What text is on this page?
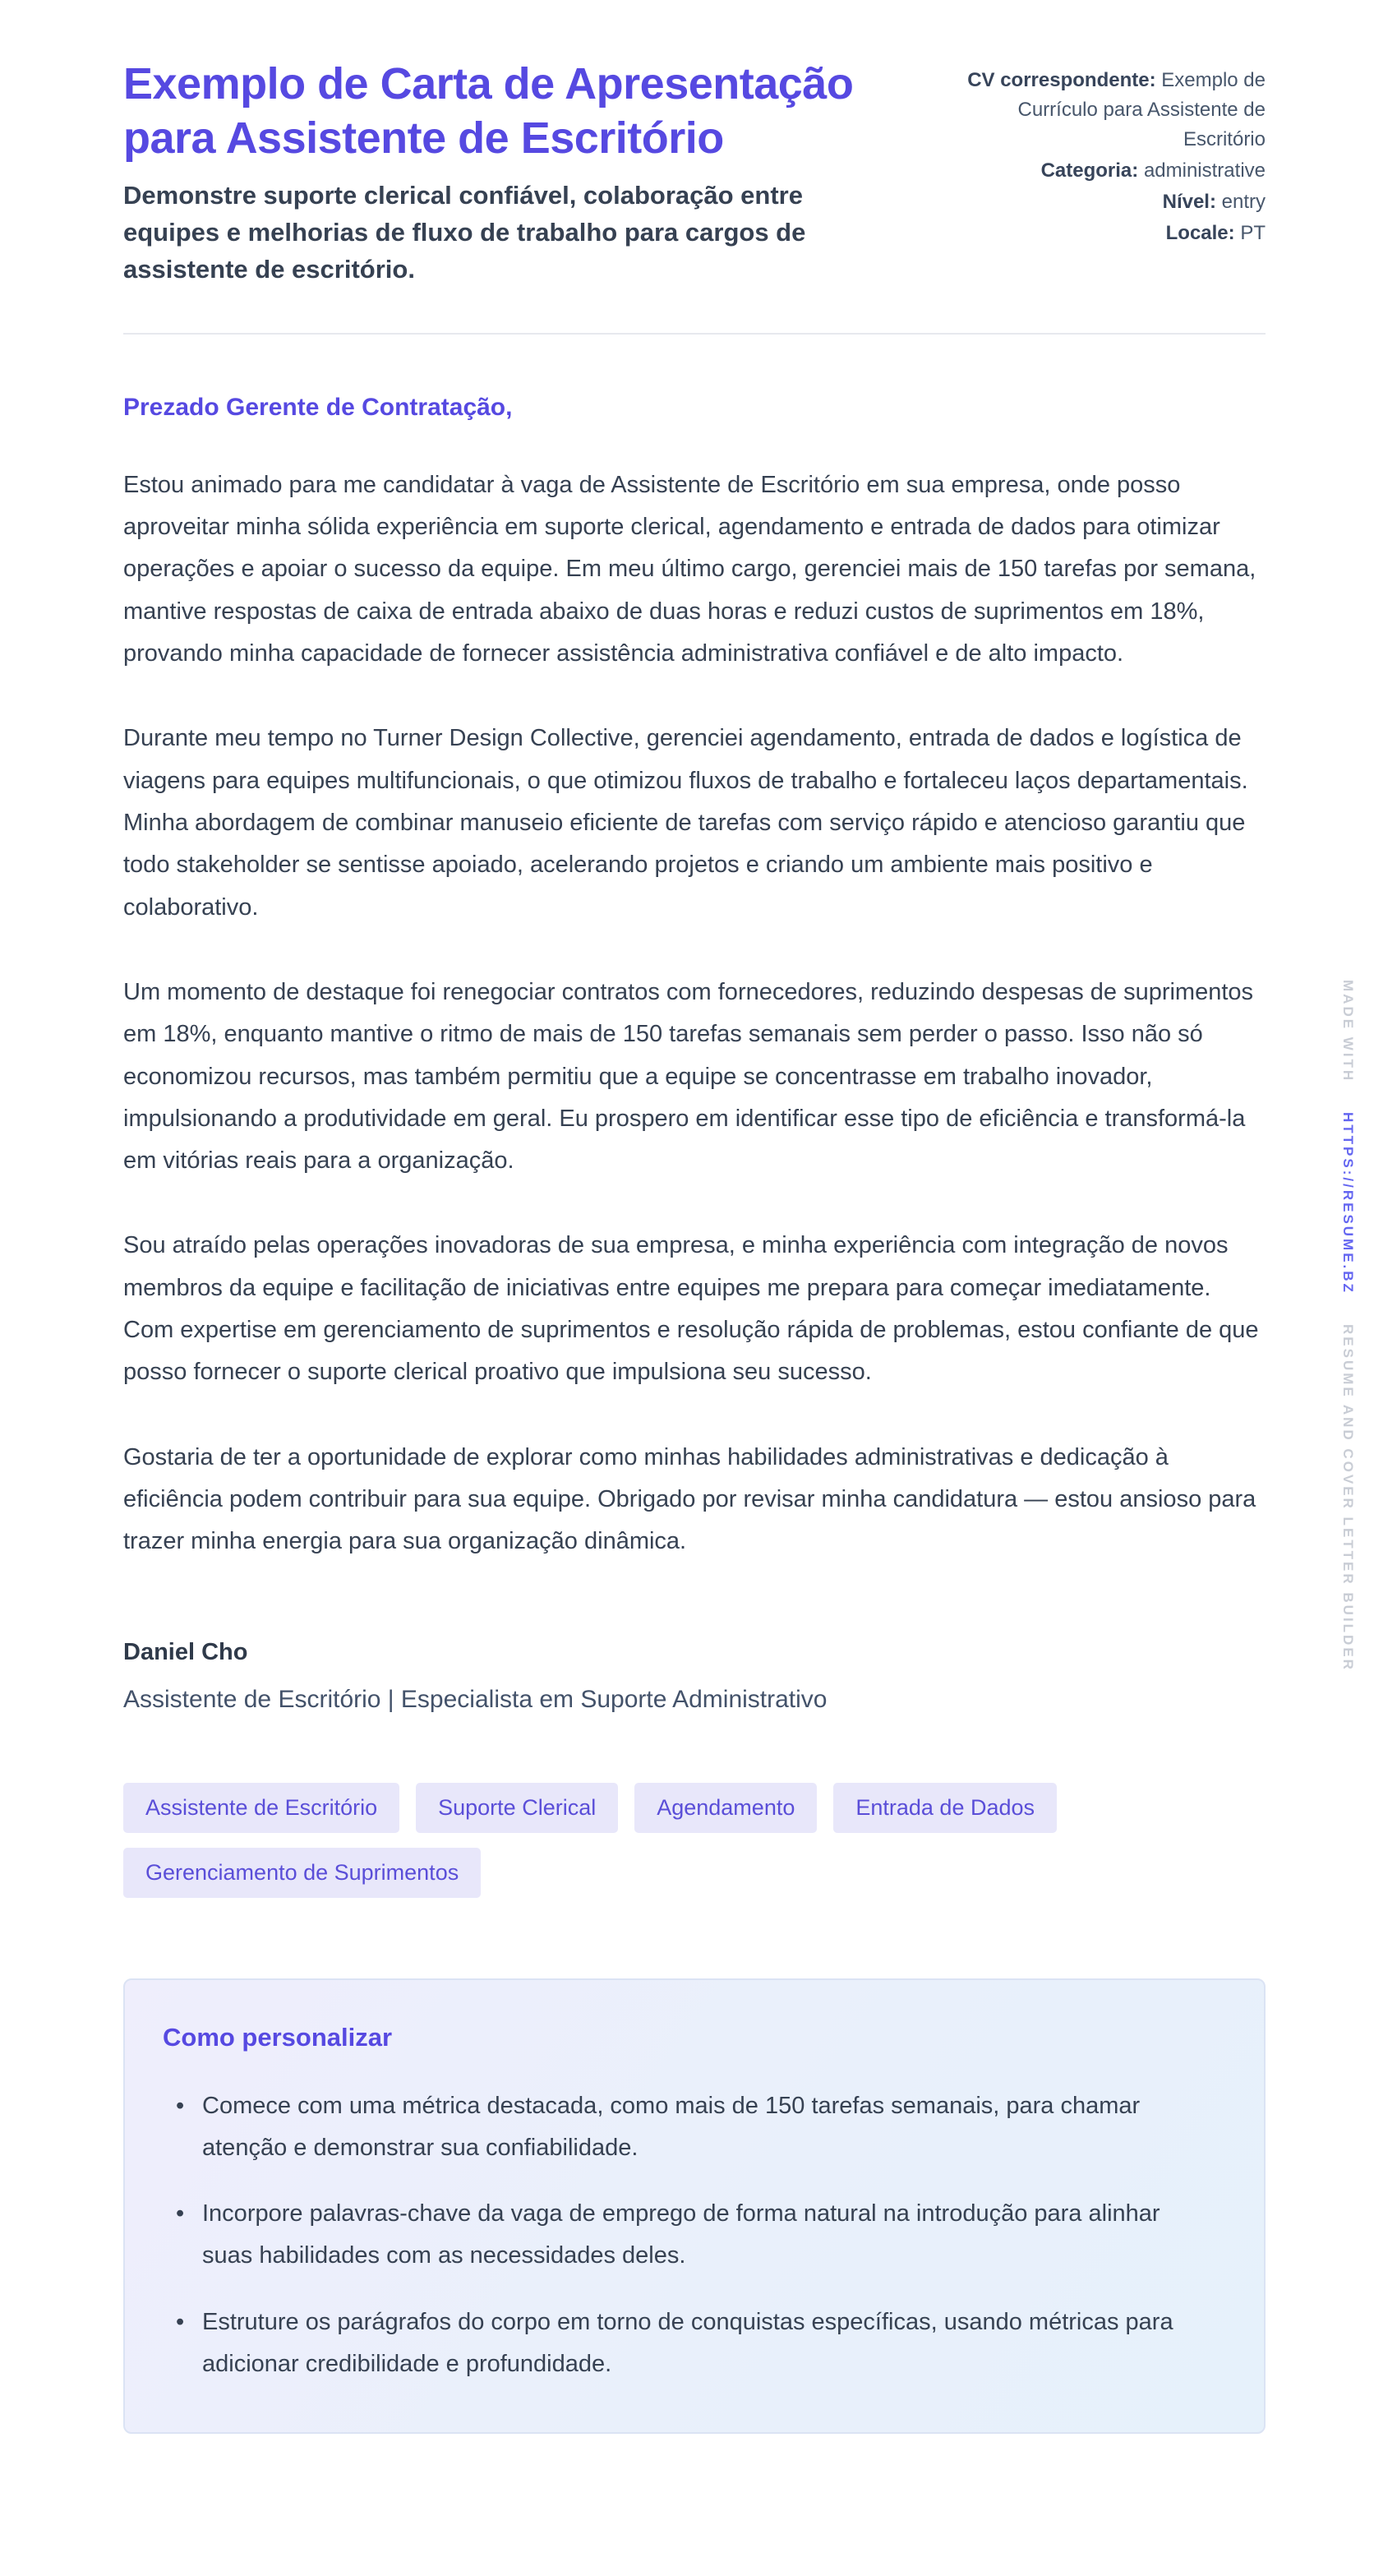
Exemplo de Carta de Apresentação para Assistente de Escritório

Demonstre suporte clerical confiável, colaboração entre equipes e melhorias de fluxo de trabalho para cargos de assistente de escritório.

CV correspondente: Exemplo de Currículo para Assistente de Escritório
Categoria: administrative
Nível: entry
Locale: PT
Prezado Gerente de Contratação,

Estou animado para me candidatar à vaga de Assistente de Escritório em sua empresa, onde posso aproveitar minha sólida experiência em suporte clerical, agendamento e entrada de dados para otimizar operações e apoiar o sucesso da equipe. Em meu último cargo, gerenciei mais de 150 tarefas por semana, mantive respostas de caixa de entrada abaixo de duas horas e reduzi custos de suprimentos em 18%, provando minha capacidade de fornecer assistência administrativa confiável e de alto impacto.

Durante meu tempo no Turner Design Collective, gerenciei agendamento, entrada de dados e logística de viagens para equipes multifuncionais, o que otimizou fluxos de trabalho e fortaleceu laços departamentais. Minha abordagem de combinar manuseio eficiente de tarefas com serviço rápido e atencioso garantiu que todo stakeholder se sentisse apoiado, acelerando projetos e criando um ambiente mais positivo e colaborativo.

Um momento de destaque foi renegociar contratos com fornecedores, reduzindo despesas de suprimentos em 18%, enquanto mantive o ritmo de mais de 150 tarefas semanais sem perder o passo. Isso não só economizou recursos, mas também permitiu que a equipe se concentrasse em trabalho inovador, impulsionando a produtividade em geral. Eu prospero em identificar esse tipo de eficiência e transformá-la em vitórias reais para a organização.

Sou atraído pelas operações inovadoras de sua empresa, e minha experiência com integração de novos membros da equipe e facilitação de iniciativas entre equipes me prepara para começar imediatamente. Com expertise em gerenciamento de suprimentos e resolução rápida de problemas, estou confiante de que posso fornecer o suporte clerical proativo que impulsiona seu sucesso.

Gostaria de ter a oportunidade de explorar como minhas habilidades administrativas e dedicação à eficiência podem contribuir para sua equipe. Obrigado por revisar minha candidatura — estou ansioso para trazer minha energia para sua organização dinâmica.

Daniel Cho
Assistente de Escritório | Especialista em Suporte Administrativo
Assistente de Escritório	Suporte Clerical	Agendamento	Entrada de Dados
Gerenciamento de Suprimentos
Como personalizar
• Comece com uma métrica destacada, como mais de 150 tarefas semanais, para chamar atenção e demonstrar sua confiabilidade.
• Incorpore palavras-chave da vaga de emprego de forma natural na introdução para alinhar suas habilidades com as necessidades deles.
• Estruture os parágrafos do corpo em torno de conquistas específicas, usando métricas para adicionar credibilidade e profundidade.
MADE WITH HTTPS://RESUME.BZ RESUME AND COVER LETTER BUILDER
